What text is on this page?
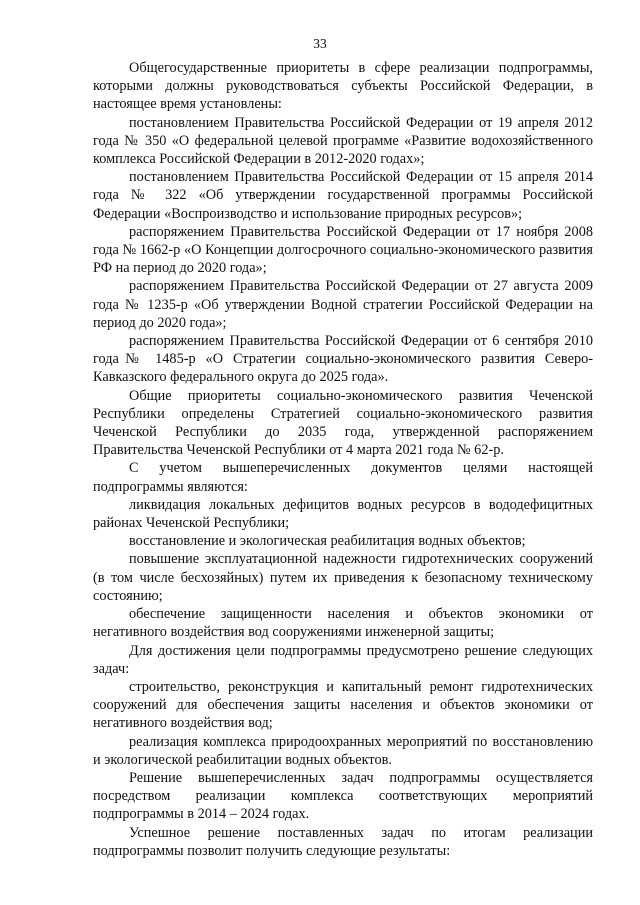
33

Общегосударственные приоритеты в сфере реализации подпрограммы, которыми должны руководствоваться субъекты Российской Федерации, в настоящее время установлены:

постановлением Правительства Российской Федерации от 19 апреля 2012 года № 350 «О федеральной целевой программе «Развитие водохозяйственного комплекса Российской Федерации в 2012-2020 годах»;

постановлением Правительства Российской Федерации от 15 апреля 2014 года № 322 «Об утверждении государственной программы Российской Федерации «Воспроизводство и использование природных ресурсов»;

распоряжением Правительства Российской Федерации от 17 ноября 2008 года № 1662-р «О Концепции долгосрочного социально-экономического развития РФ на период до 2020 года»;

распоряжением Правительства Российской Федерации от 27 августа 2009 года № 1235-р «Об утверждении Водной стратегии Российской Федерации на период до 2020 года»;

распоряжением Правительства Российской Федерации от 6 сентября 2010 года№ 1485-р «О Стратегии социально-экономического развития Северо-Кавказского федерального округа до 2025 года».

Общие приоритеты социально-экономического развития Чеченской Республики определены Стратегией социально-экономического развития Чеченской Республики до 2035 года, утвержденной распоряжением Правительства Чеченской Республики от 4 марта 2021 года № 62-р.

С учетом вышеперечисленных документов целями настоящей подпрограммы являются:

ликвидация локальных дефицитов водных ресурсов в вододефицитных районах Чеченской Республики;

восстановление и экологическая реабилитация водных объектов;

повышение эксплуатационной надежности гидротехнических сооружений (в том числе бесхозяйных) путем их приведения к безопасному техническому состоянию;

обеспечение защищенности населения и объектов экономики от негативного воздействия вод сооружениями инженерной защиты;

Для достижения цели подпрограммы предусмотрено решение следующих задач:

строительство, реконструкция и капитальный ремонт гидротехнических сооружений для обеспечения защиты населения и объектов экономики от негативного воздействия вод;

реализация комплекса природоохранных мероприятий по восстановлению и экологической реабилитации водных объектов.

Решение вышеперечисленных задач подпрограммы осуществляется посредством реализации комплекса соответствующих мероприятий подпрограммы в 2014 – 2024 годах.

Успешное решение поставленных задач по итогам реализации подпрограммы позволит получить следующие результаты:
